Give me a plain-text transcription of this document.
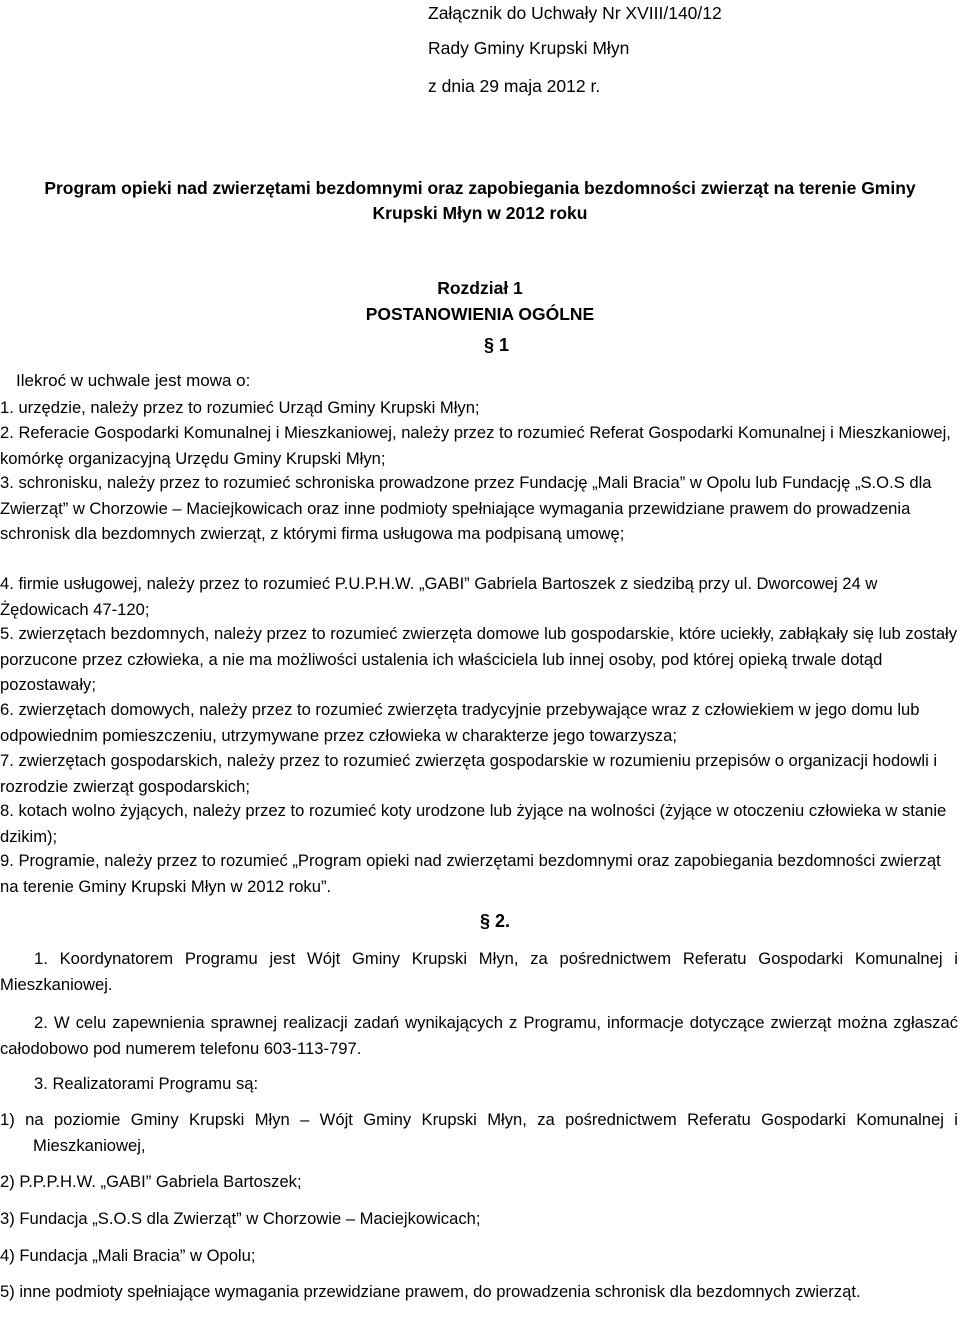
Załącznik do Uchwały Nr XVIII/140/12
Rady Gminy Krupski Młyn
z dnia 29 maja 2012 r.
Program opieki nad zwierzętami bezdomnymi oraz zapobiegania bezdomności zwierząt na terenie Gminy
Krupski Młyn w 2012 roku
Rozdział 1
POSTANOWIENIA OGÓLNE
§ 1
Ilekroć w uchwale jest mowa o:
1. urzędzie, należy przez to rozumieć Urząd Gminy Krupski Młyn;
2. Referacie Gospodarki Komunalnej i Mieszkaniowej, należy przez to rozumieć Referat Gospodarki Komunalnej i Mieszkaniowej, komórkę organizacyjną Urzędu Gminy Krupski Młyn;
3. schronisku, należy przez to rozumieć schroniska prowadzone przez Fundację „Mali Bracia” w Opolu lub Fundację „S.O.S dla Zwierząt” w Chorzowie – Maciejkowicach oraz inne podmioty spełniające wymagania przewidziane prawem do prowadzenia schronisk dla bezdomnych zwierząt, z którymi firma usługowa ma podpisaną umowę;
4. firmie usługowej, należy przez to rozumieć P.U.P.H.W. „GABI” Gabriela Bartoszek z siedzibą przy ul. Dworcowej 24 w Żędowicach 47-120;
5. zwierzętach bezdomnych, należy przez to rozumieć zwierzęta domowe lub gospodarskie, które uciekły, zabłąkały się lub zostały porzucone przez człowieka, a nie ma możliwości ustalenia ich właściciela lub innej osoby, pod której opieką trwale dotąd pozostawały;
6. zwierzętach domowych, należy przez to rozumieć zwierzęta tradycyjnie przebywające wraz z człowiekiem w jego domu lub odpowiednim pomieszczeniu, utrzymywane przez człowieka w charakterze jego towarzysza;
7. zwierzętach gospodarskich, należy przez to rozumieć zwierzęta gospodarskie w rozumieniu przepisów o organizacji hodowli i rozrodzie zwierząt gospodarskich;
8. kotach wolno żyjących, należy przez to rozumieć koty urodzone lub żyjące na wolności (żyjące w otoczeniu człowieka w stanie dzikim);
9. Programie, należy przez to rozumieć „Program opieki nad zwierzętami bezdomnymi oraz zapobiegania bezdomności zwierząt na terenie Gminy Krupski Młyn w 2012 roku”.
§ 2.
1. Koordynatorem Programu jest Wójt Gminy Krupski Młyn, za pośrednictwem Referatu Gospodarki Komunalnej i Mieszkaniowej.
2. W celu zapewnienia sprawnej realizacji zadań wynikających z Programu, informacje dotyczące zwierząt można zgłaszać całodobowo pod numerem telefonu 603-113-797.
3. Realizatorami Programu są:
1) na poziomie Gminy Krupski Młyn – Wójt Gminy Krupski Młyn, za pośrednictwem Referatu Gospodarki Komunalnej i Mieszkaniowej,
2) P.P.P.H.W. „GABI” Gabriela Bartoszek;
3) Fundacja „S.O.S dla Zwierząt” w Chorzowie – Maciejkowicach;
4) Fundacja „Mali Bracia” w Opolu;
5) inne podmioty spełniające wymagania przewidziane prawem, do prowadzenia schronisk dla bezdomnych zwierząt.
